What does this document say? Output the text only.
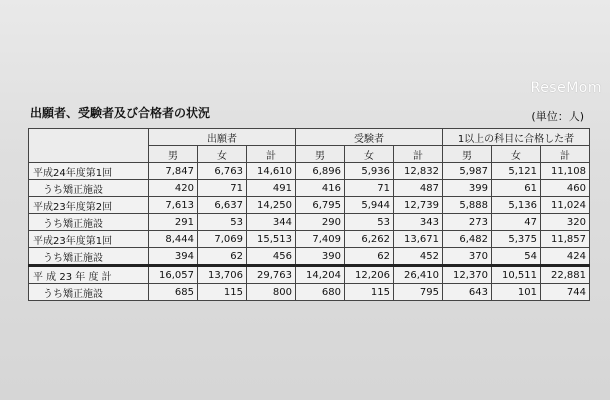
ReseMom
出願者、受験者及び合格者の状況	(単位：人)
	出願者			受験者			1以上の科目に合格した者		
	男	女	計	男	女	計	男	女	計
平成24年度第1回	7,847	6,763	14,610	6,896	5,936	12,832	5,987	5,121	11,108
うち矯正施設	420	71	491	416	71	487	399	61	460
平成23年度第2回	7,613	6,637	14,250	6,795	5,944	12,739	5,888	5,136	11,024
うち矯正施設	291	53	344	290	53	343	273	47	320
平成23年度第1回	8,444	7,069	15,513	7,409	6,262	13,671	6,482	5,375	11,857
うち矯正施設	394	62	456	390	62	452	370	54	424
平 成 23 年 度 計	16,057	13,706	29,763	14,204	12,206	26,410	12,370	10,511	22,881
うち矯正施設	685	115	800	680	115	795	643	101	744
